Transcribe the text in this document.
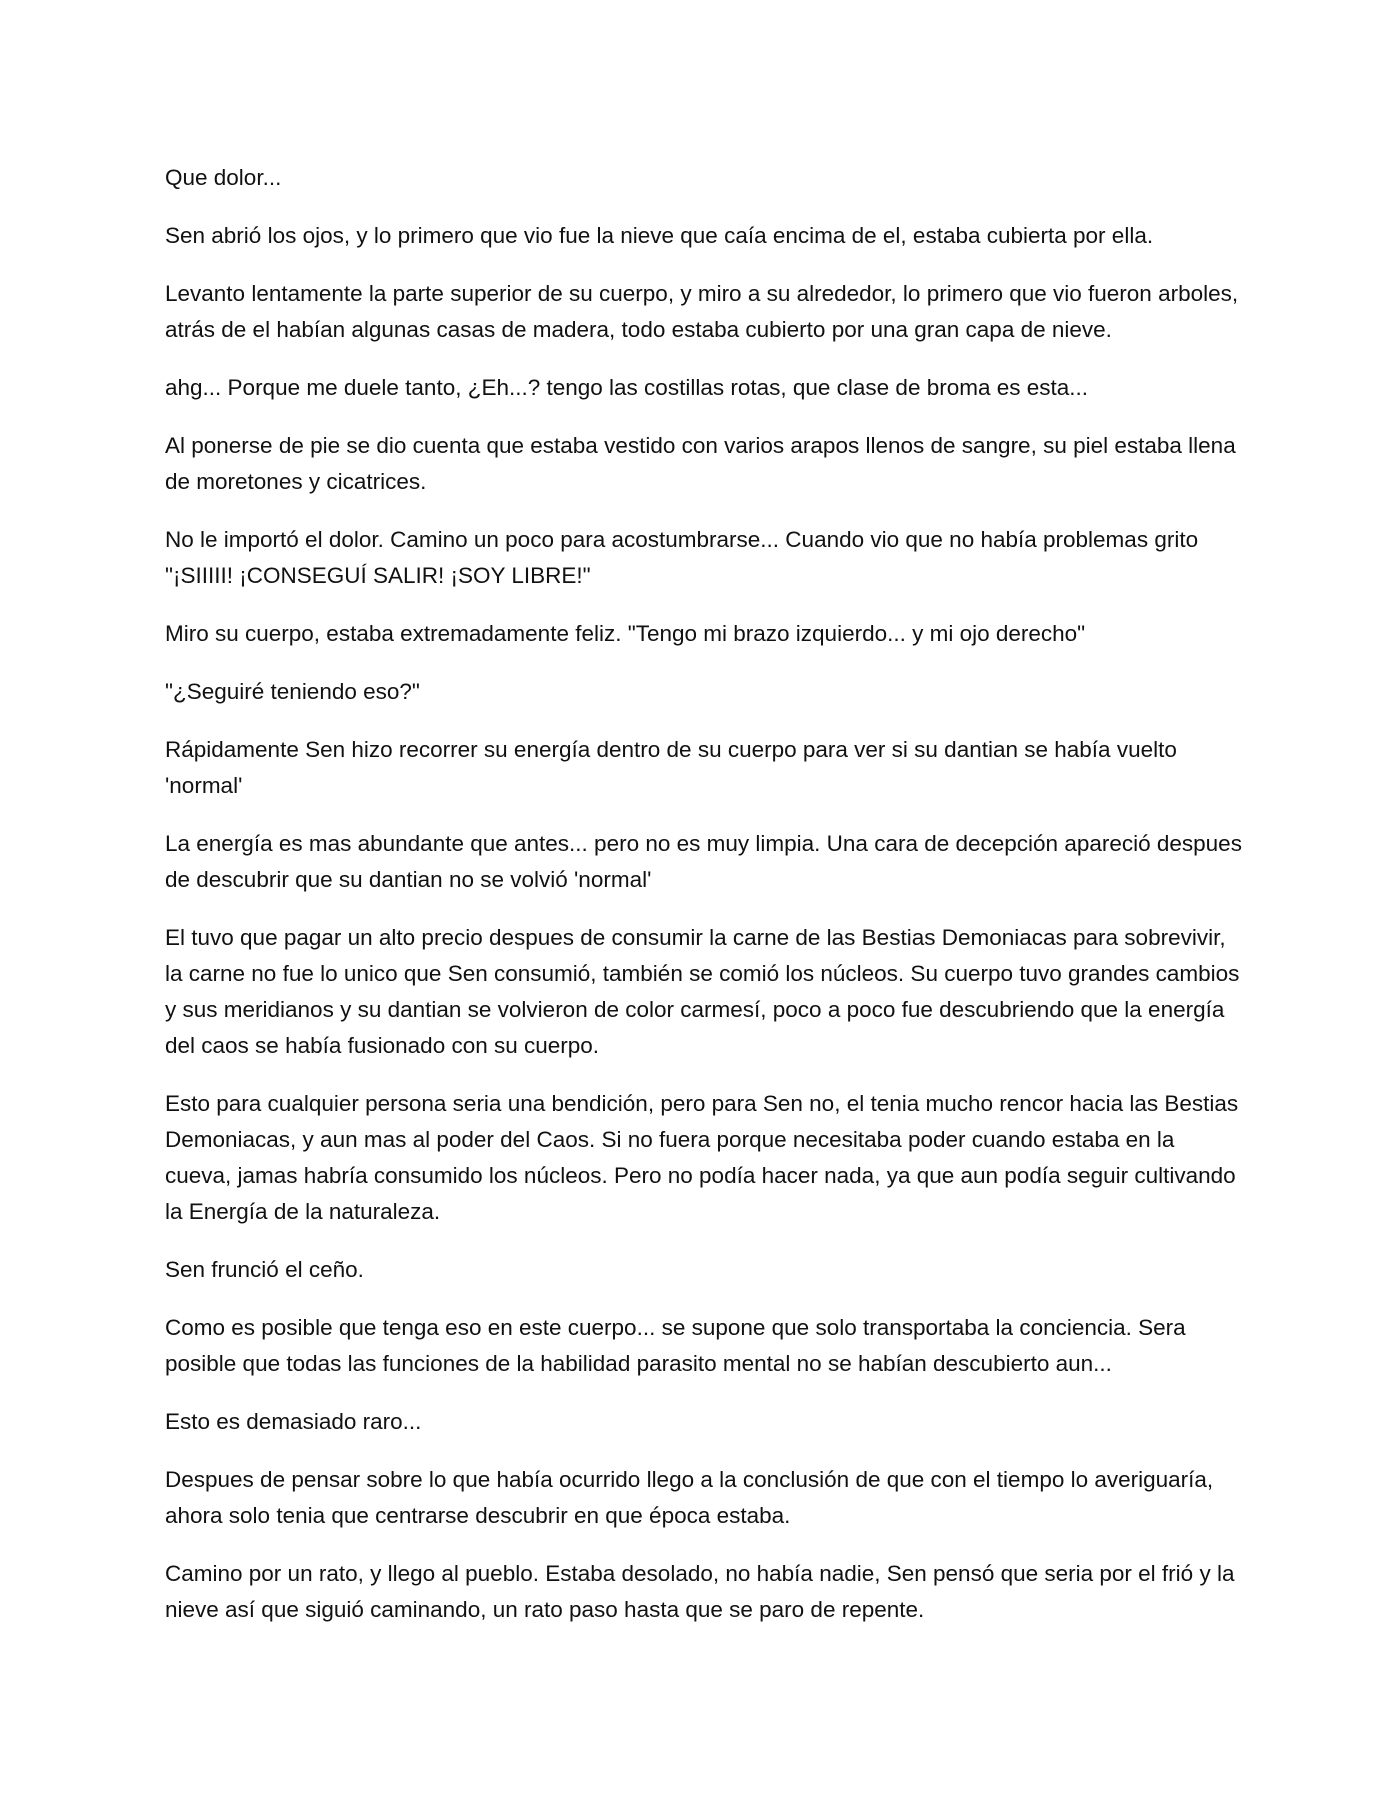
Que dolor...

Sen abrió los ojos, y lo primero que vio fue la nieve que caía encima de el, estaba cubierta por ella.

Levanto lentamente la parte superior de su cuerpo, y miro a su alrededor, lo primero que vio fueron arboles, atrás de el habían algunas casas de madera, todo estaba cubierto por una gran capa de nieve.

ahg... Porque me duele tanto, ¿Eh...? tengo las costillas rotas, que clase de broma es esta...

Al ponerse de pie se dio cuenta que estaba vestido con varios arapos llenos de sangre, su piel estaba llena de moretones y cicatrices.

No le importó el dolor. Camino un poco para acostumbrarse... Cuando vio que no había problemas grito "¡SIIIII! ¡CONSEGUÍ SALIR! ¡SOY LIBRE!"

Miro su cuerpo, estaba extremadamente feliz. "Tengo mi brazo izquierdo... y mi ojo derecho"

"¿Seguiré teniendo eso?"

Rápidamente Sen hizo recorrer su energía dentro de su cuerpo para ver si su dantian se había vuelto 'normal'

La energía es mas abundante que antes... pero no es muy limpia. Una cara de decepción apareció despues de descubrir que su dantian no se volvió 'normal'

El tuvo que pagar un alto precio despues de consumir la carne de las Bestias Demoniacas para sobrevivir, la carne no fue lo unico que Sen consumió, también se comió los núcleos. Su cuerpo tuvo grandes cambios y sus meridianos y su dantian se volvieron de color carmesí, poco a poco fue descubriendo que la energía del caos se había fusionado con su cuerpo.

Esto para cualquier persona seria una bendición, pero para Sen no, el tenia mucho rencor hacia las Bestias Demoniacas, y aun mas al poder del Caos. Si no fuera porque necesitaba poder cuando estaba en la cueva, jamas habría consumido los núcleos. Pero no podía hacer nada, ya que aun podía seguir cultivando la Energía de la naturaleza.

Sen frunció el ceño.

Como es posible que tenga eso en este cuerpo... se supone que solo transportaba la conciencia. Sera posible que todas las funciones de la habilidad parasito mental no se habían descubierto aun...

Esto es demasiado raro...

Despues de pensar sobre lo que había ocurrido llego a la conclusión de que con el tiempo lo averiguaría, ahora solo tenia que centrarse descubrir en que época estaba.

Camino por un rato, y llego al pueblo. Estaba desolado, no había nadie, Sen pensó que seria por el frió y la nieve así que siguió caminando, un rato paso hasta que se paro de repente.
